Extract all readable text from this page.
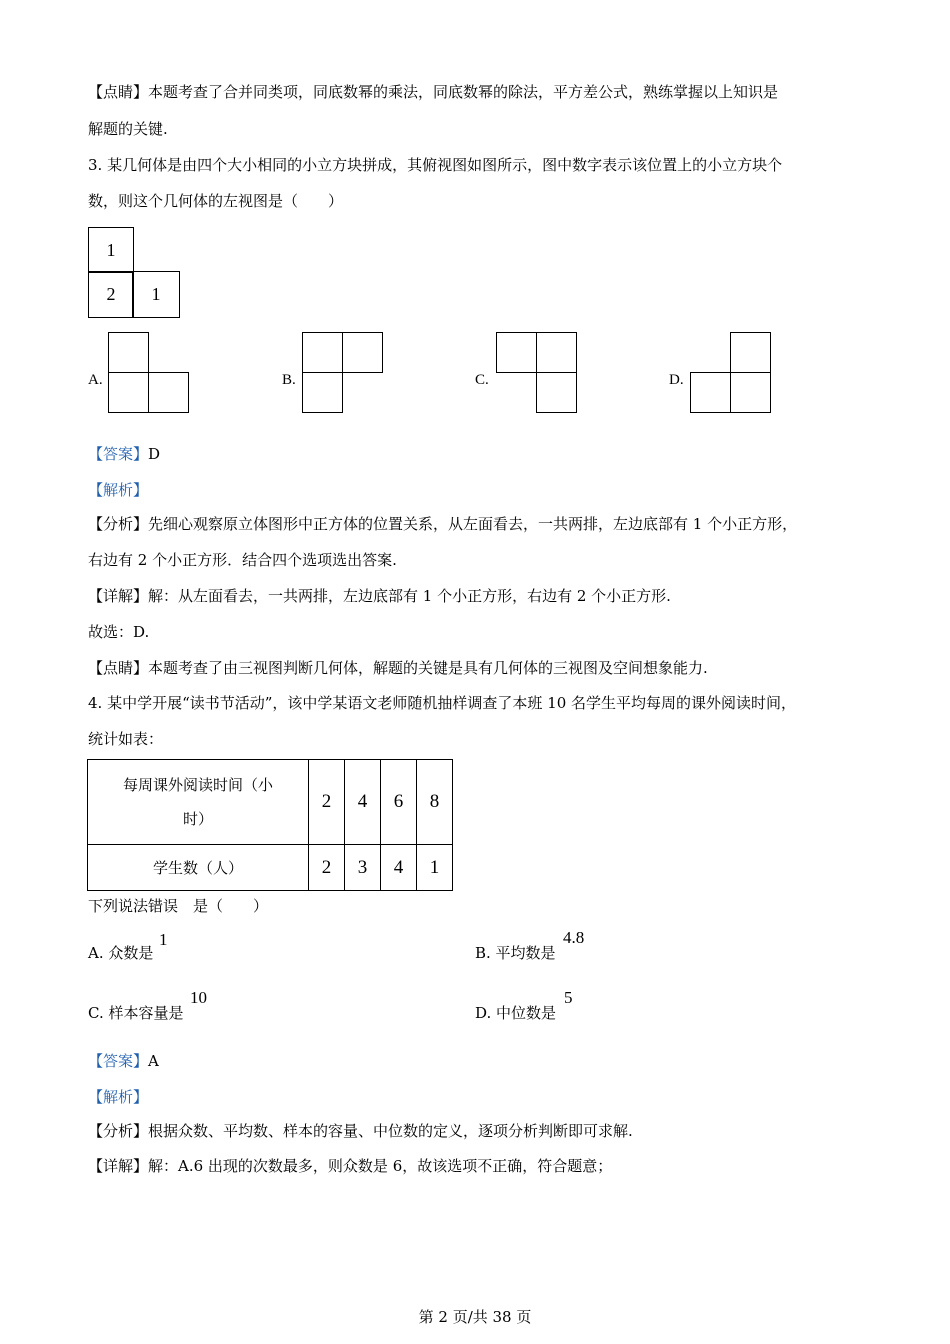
【点睛】本题考查了合并同类项，同底数幂的乘法，同底数幂的除法，平方差公式，熟练掌握以上知识是
解题的关键.
3. 某几何体是由四个大小相同的小立方块拼成，其俯视图如图所示，图中数字表示该位置上的小立方块个
数，则这个几何体的左视图是（　　）
1
2	1
A.	B.	C.	D.
【答案】D
【解析】
【分析】先细心观察原立体图形中正方体的位置关系，从左面看去，一共两排，左边底部有 1 个小正方形，
右边有 2 个小正方形．结合四个选项选出答案.
【详解】解：从左面看去，一共两排，左边底部有 1 个小正方形，右边有 2 个小正方形.
故选：D.
【点睛】本题考查了由三视图判断几何体，解题的关键是具有几何体的三视图及空间想象能力.
4. 某中学开展“读书节活动”，该中学某语文老师随机抽样调查了本班 10 名学生平均每周的课外阅读时间，
统计如表：
每周课外阅读时间（小
时）	2	4	6	8
学生数（人）	2	3	4	1
下列说法错误　是（　　）
A. 众数是
1
B. 平均数是
4.8
C. 样本容量是
10
D. 中位数是
5
【答案】A
【解析】
【分析】根据众数、平均数、样本的容量、中位数的定义，逐项分析判断即可求解.
【详解】解：A.6 出现的次数最多，则众数是 6，故该选项不正确，符合题意；
第 2 页/共 38 页
